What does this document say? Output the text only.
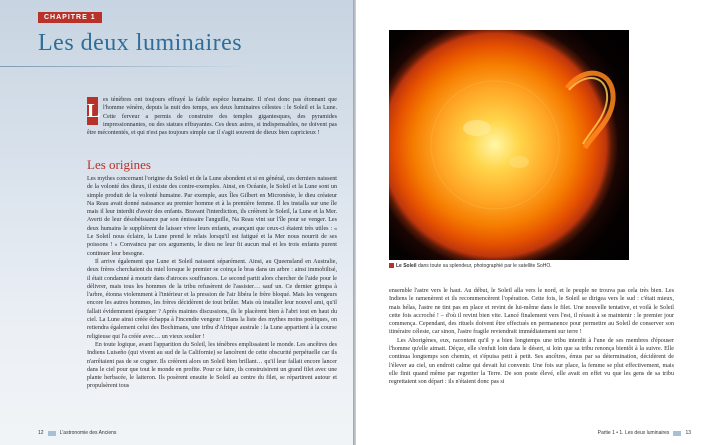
CHAPITRE 1
Les deux luminaires
L es ténèbres ont toujours effrayé la faible espèce humaine. Il n'est donc pas étonnant que l'homme vénère, depuis la nuit des temps, ses deux luminaires célestes : le Soleil et la Lune. Cette ferveur a permis de construire des temples gigantesques, des pyramides impressionnantes, ou des statues effrayantes. Ces deux astres, si indispensables, ne doivent pas être mécontentés, et qui n'est pas toujours simple car il s'agit souvent de dieux bien capricieux !

Les origines

Les mythes concernant l'origine du Soleil et de la Lune abondent et si en général, ces derniers naissent de la volonté des dieux, il existe des contre-exemples. Ainsi, en Océanie, le Soleil et la Lune sont un simple produit de la volonté humaine. Par exemple, aux Îles Gilbert en Micronésie, le dieu créateur Na Reau avait donné naissance au premier homme et à la première femme. Il les installa sur une île mais il leur interdit d'avoir des enfants. Bravant l'interdiction, ils créèrent le Soleil, la Lune et la Mer. Averti de leur désobéissance par son émissaire l'anguille, Na Reau vint sur l'île pour se venger. Les deux humains le supplièrent de laisser vivre leurs enfants, avançant que ceux-ci étaient très utiles : « Le Soleil nous éclaire, la Lune prend le relais lorsqu'il est fatigué et la Mer nous nourrit de ses poissons ! » Convaincu par ces arguments, le dieu ne leur fit aucun mal et les trois enfants purent continuer leur besogne.

Il arrive également que Lune et Soleil naissent séparément. Ainsi, au Queensland en Australie, deux frères cherchaient du miel lorsque le premier se coinça le bras dans un arbre : ainsi immobilisé, il était condamné à mourir dans d'atroces souffrances. Le second partit alors chercher de l'aide pour le délivrer, mais tous les hommes de la tribu refusèrent de l'assister… sauf un. Ce dernier grimpa à l'arbre, étonna violemment à l'intérieur et la pression de l'air libéra le frère bloqué. Mais les vengeurs encore les autres hommes, les frères décidèrent de tout brûler. Mais où installer leur nouvel ami, qu'il fallait évidemment épargner ? Après maintes discussions, ils le placèrent bien à l'abri tout en haut du ciel. La Lune ainsi créée échappa à l'incendie vengeur ! Dans la liste des mythes moins poétiques, on retiendra également celui des Bochimans, une tribu d'Afrique australe : la Lune appartient à la course religieuse qui l'a créée avec… un vieux soulier !

En toute logique, avant l'apparition du Soleil, les ténèbres emplissaient le monde. Les ancêtres des Indiens Luiseño (qui vivent au sud de la Californie) se lancèrent de cette obscurité perpétuelle car ils n'arrêtaient pas de se cogner. Ils créèrent alors un Soleil bien brillant… qu'il leur fallait encore lancer dans le ciel pour que tout le monde en profite. Pour ce faire, ils construisirent un grand filet avec une plante herbacée, le laiteron. Ils posèrent ensuite le Soleil au centre du filet, se répartirent autour et propulsèrent tous

12	L'astronomie des Anciens
Le Soleil dans toute sa splendeur, photographié par le satellite SoHO.

ensemble l'astre vers le haut. Au début, le Soleil alla vers le nord, et le peuple ne trouva pas cela très bien. Les Indiens le ramenèrent et ils recommencèrent l'opération. Cette fois, le Soleil se dirigea vers le sud : c'était mieux, mais hélas, l'astre ne tint pas en place et revint de lui-même dans le filet. Une nouvelle tentative, et voilà le Soleil cette fois accroché ! – d'où il revint bien vite. Lancé finalement vers l'est, il réussit à se maintenir : le premier jour commença. Cependant, des rituels doivent être effectués en permanence pour permettre au Soleil de conserver son itinéraire céleste, car sinon, l'astre fragile reviendrait immédiatement sur terre !

Les Aborigènes, eux, racontent qu'il y a bien longtemps une tribu interdit à l'une de ses membres d'épouser l'homme qu'elle aimait. Déçue, elle s'enfuit loin dans le désert, si loin que sa tribu renonça bientôt à la suivre. Elle continua longtemps son chemin, et s'épuisa petit à petit. Ses ancêtres, émus par sa détermination, décidèrent de l'élever au ciel, un endroit calme qui devait lui convenir. Une fois sur place, la femme se plut effectivement, mais elle finit quand même par regretter la Terre. De son poste élevé, elle avait en effet vu que les gens de sa tribu regrettaient son départ : ils n'étaient donc pas si

Partie 1 • 1. Les deux luminaires	13
